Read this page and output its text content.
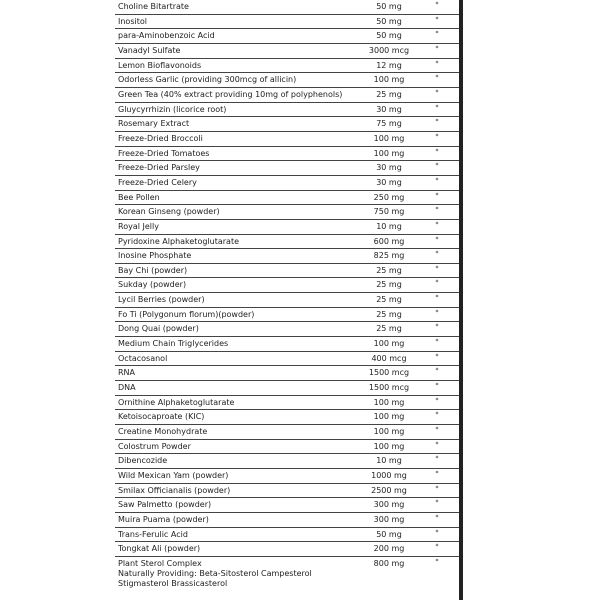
Choline Bitartrate	50 mg	*
Inositol	50 mg	*
para-Aminobenzoic Acid	50 mg	*
Vanadyl Sulfate	3000 mcg	*
Lemon Bioflavonoids	12 mg	*
Odorless Garlic (providing 300mcg of allicin)	100 mg	*
Green Tea (40% extract providing 10mg of polyphenols)	25 mg	*
Gluycyrrhizin (licorice root)	30 mg	*
Rosemary Extract	75 mg	*
Freeze-Dried Broccoli	100 mg	*
Freeze-Dried Tomatoes	100 mg	*
Freeze-Dried Parsley	30 mg	*
Freeze-Dried Celery	30 mg	*
Bee Pollen	250 mg	*
Korean Ginseng (powder)	750 mg	*
Royal Jelly	10 mg	*
Pyridoxine Alphaketoglutarate	600 mg	*
Inosine Phosphate	825 mg	*
Bay Chi (powder)	25 mg	*
Sukday (powder)	25 mg	*
Lycil Berries (powder)	25 mg	*
Fo Ti (Polygonum florum)(powder)	25 mg	*
Dong Quai (powder)	25 mg	*
Medium Chain Triglycerides	100 mg	*
Octacosanol	400 mcg	*
RNA	1500 mcg	*
DNA	1500 mcg	*
Ornithine Alphaketoglutarate	100 mg	*
Ketoisocaproate (KIC)	100 mg	*
Creatine Monohydrate	100 mg	*
Colostrum Powder	100 mg	*
Dibencozide	10 mg	*
Wild Mexican Yam (powder)	1000 mg	*
Smilax Officianalis (powder)	2500 mg	*
Saw Palmetto (powder)	300 mg	*
Muira Puama (powder)	300 mg	*
Trans-Ferulic Acid	50 mg	*
Tongkat Ali (powder)	200 mg	*
Plant Sterol Complex
Naturally Providing: Beta-Sitosterol Campesterol
Stigmasterol Brassicasterol
800 mg	*
